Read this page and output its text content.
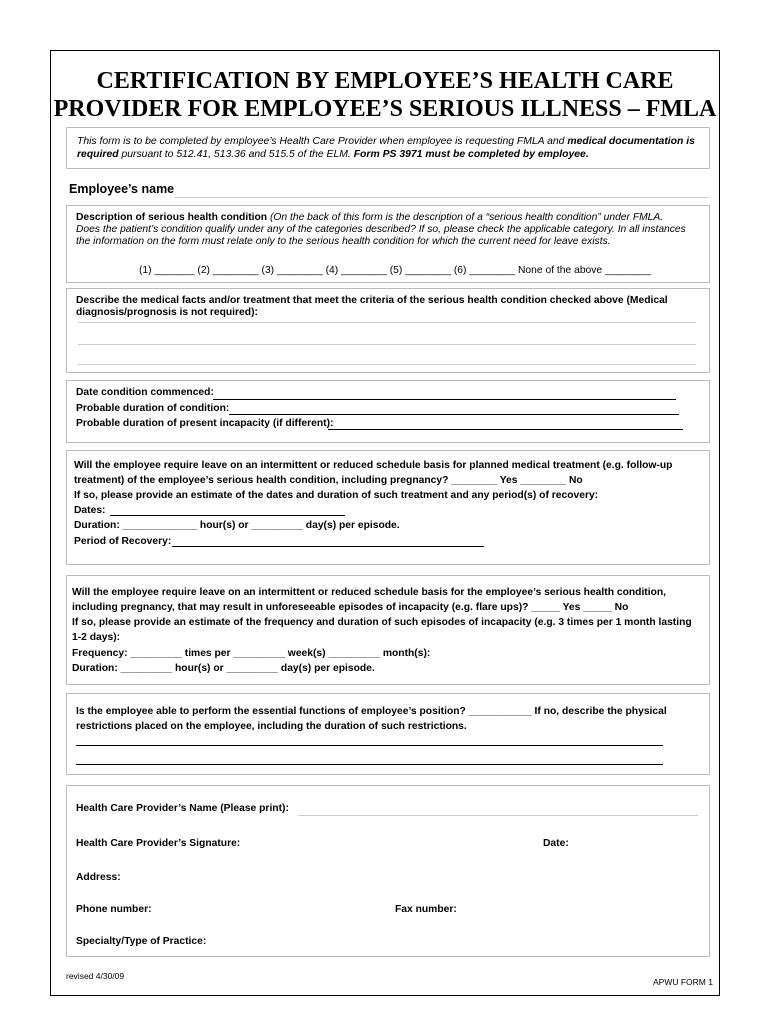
CERTIFICATION BY EMPLOYEE’S HEALTH CARE
PROVIDER FOR EMPLOYEE’S SERIOUS ILLNESS – FMLA
This form is to be completed by employee’s Health Care Provider when employee is requesting FMLA and medical documentation is required pursuant to 512.41, 513.36 and 515.5 of the ELM. Form PS 3971 must be completed by employee.
Employee’s name
Description of serious health condition (On the back of this form is the description of a “serious health condition” under FMLA.
Does the patient’s condition qualify under any of the categories described? If so, please check the applicable category. In all instances
the information on the form must relate only to the serious health condition for which the current need for leave exists.
(1) _______ (2) ________ (3) ________ (4) ________ (5) ________ (6) ________ None of the above ________
Describe the medical facts and/or treatment that meet the criteria of the serious health condition checked above (Medical
diagnosis/prognosis is not required):
Date condition commenced:
Probable duration of condition:
Probable duration of present incapacity (if different):
Will the employee require leave on an intermittent or reduced schedule basis for planned medical treatment (e.g. follow-up
treatment) of the employee’s serious health condition, including pregnancy? ________ Yes ________ No
If so, please provide an estimate of the dates and duration of such treatment and any period(s) of recovery:
Dates:
Duration: _____________ hour(s) or _________ day(s) per episode.
Period of Recovery:
Will the employee require leave on an intermittent or reduced schedule basis for the employee’s serious health condition,
including pregnancy, that may result in unforeseeable episodes of incapacity (e.g. flare ups)? _____ Yes _____ No
If so, please provide an estimate of the frequency and duration of such episodes of incapacity (e.g. 3 times per 1 month lasting
1-2 days):
Frequency: _________ times per _________ week(s) _________ month(s):
Duration: _________ hour(s) or _________ day(s) per episode.
Is the employee able to perform the essential functions of employee’s position? ___________ If no, describe the physical
restrictions placed on the employee, including the duration of such restrictions.
Health Care Provider’s Name (Please print):
Health Care Provider’s Signature:	Date:
Address:
Phone number:	Fax number:
Specialty/Type of Practice:
revised 4/30/09
APWU FORM 1
